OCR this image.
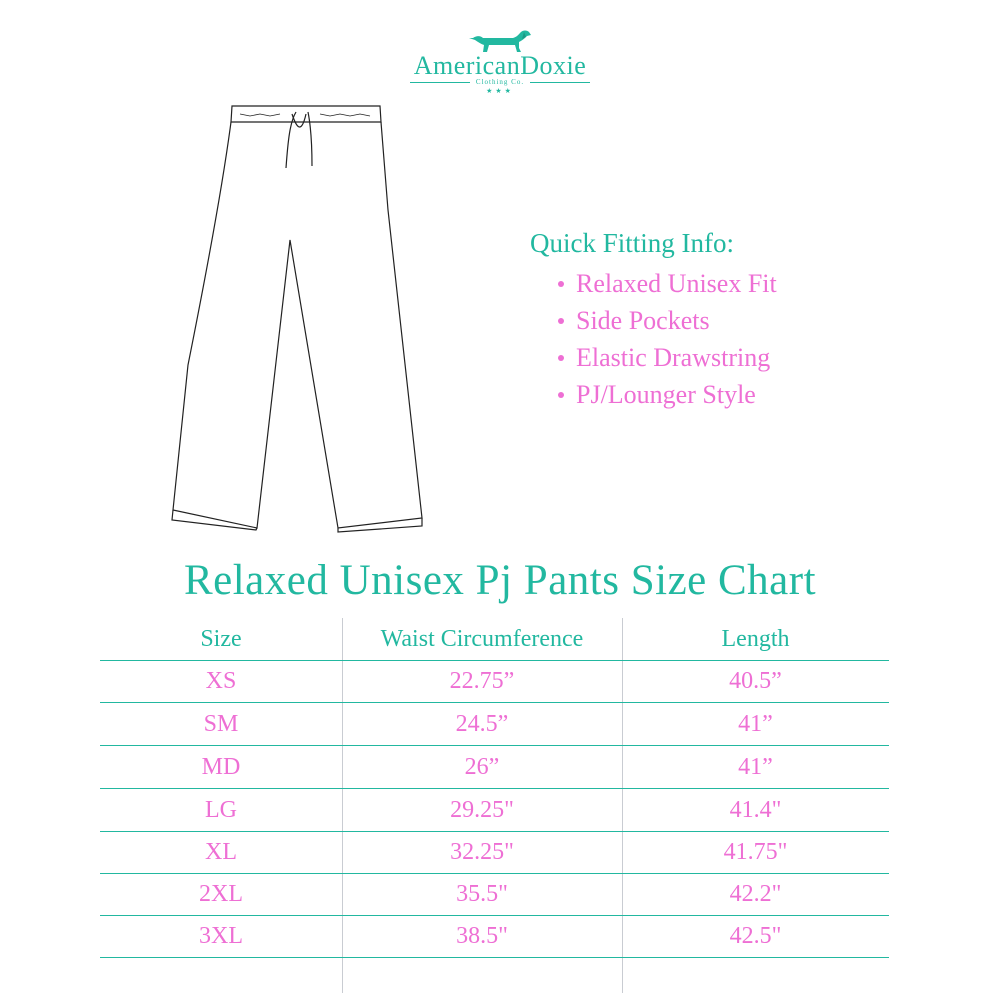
AmericanDoxie
Clothing Co.
★★★
Quick Fitting Info:
Relaxed Unisex Fit
Side Pockets
Elastic Drawstring
PJ/Lounger Style
Relaxed Unisex Pj Pants Size Chart
Size	Waist Circumference	Length
XS	22.75”	40.5”
SM	24.5”	41”
MD	26”	41”
LG	29.25"	41.4"
XL	32.25"	41.75"
2XL	35.5"	42.2"
3XL	38.5"	42.5"
